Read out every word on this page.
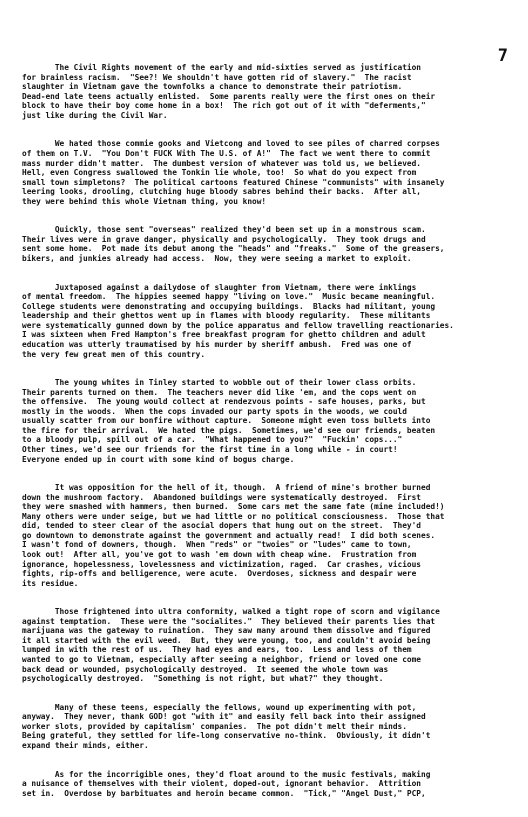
7

The Civil Rights movement of the early and mid-sixties served as justification
for brainless racism.  "See?! We shouldn't have gotten rid of slavery."  The racist
slaughter in Vietnam gave the townfolks a chance to demonstrate their patriotism.
Dead-end late teens actually enlisted.  Some parents really were the first ones on their
block to have their boy come home in a box!  The rich got out of it with "deferments,"
just like during the Civil War.

We hated those commie gooks and Vietcong and loved to see piles of charred corpses
of them on T.V.  "You Don't FUCK With The U.S. of A!"  The fact we went there to commit
mass murder didn't matter.  The dumbest version of whatever was told us, we believed.
Hell, even Congress swallowed the Tonkin lie whole, too!  So what do you expect from
small town simpletons?  The political cartoons featured Chinese "communists" with insanely
leering looks, drooling, clutching huge bloody sabres behind their backs.  After all,
they were behind this whole Vietnam thing, you know!

Quickly, those sent "overseas" realized they'd been set up in a monstrous scam.
Their lives were in grave danger, physically and psychologically.  They took drugs and
sent some home.  Pot made its debut among the "heads" and "freaks."  Some of the greasers,
bikers, and junkies already had access.  Now, they were seeing a market to exploit.

Juxtaposed against a dailydose of slaughter from Vietnam, there were inklings
of mental freedom.  The hippies seemed happy "living on love."  Music became meaningful.
College students were demonstrating and occupying buildings.  Blacks had militant, young
leadership and their ghettos went up in flames with bloody regularity.  These militants
were systematically gunned down by the police apparatus and fellow travelling reactionaries.
I was sixteen when Fred Hampton's free breakfast program for ghetto children and adult
education was utterly traumatised by his murder by sheriff ambush.  Fred was one of
the very few great men of this country.

The young whites in Tinley started to wobble out of their lower class orbits.
Their parents turned on them.  The teachers never did like 'em, and the cops went on
the offensive.  The young would collect at rendezvous points - safe houses, parks, but
mostly in the woods.  When the cops invaded our party spots in the woods, we could
usually scatter from our bonfire without capture.  Someone might even toss bullets into
the fire for their arrival.  We hated the pigs.  Sometimes, we'd see our friends, beaten
to a bloody pulp, spill out of a car.  "What happened to you?"  "Fuckin' cops..."
Other times, we'd see our friends for the first time in a long while - in court!
Everyone ended up in court with some kind of bogus charge.

It was opposition for the hell of it, though.  A friend of mine's brother burned
down the mushroom factory.  Abandoned buildings were systematically destroyed.  First
they were smashed with hammers, then burned.  Some cars met the same fate (mine included!)
Many others were under seige, but we had little or no political consciousness.  Those that
did, tended to steer clear of the asocial dopers that hung out on the street.  They'd
go downtown to demonstrate against the government and actually read!  I did both scenes.
I wasn't fond of downers, though.  When "reds" or "twoies" or "ludes" came to town,
look out!  After all, you've got to wash 'em down with cheap wine.  Frustration from
ignorance, hopelessness, lovelessness and victimization, raged.  Car crashes, vicious
fights, rip-offs and belligerence, were acute.  Overdoses, sickness and despair were
its residue.

Those frightened into ultra conformity, walked a tight rope of scorn and vigilance
against temptation.  These were the "socialites."  They believed their parents lies that
marijuana was the gateway to ruination.  They saw many around them dissolve and figured
it all started with the evil weed.  But, they were young, too, and couldn't avoid being
lumped in with the rest of us.  They had eyes and ears, too.  Less and less of them
wanted to go to Vietnam, especially after seeing a neighbor, friend or loved one come
back dead or wounded, psychologically destroyed.  It seemed the whole town was
psychologically destroyed.  "Something is not right, but what?" they thought.

Many of these teens, especially the fellows, wound up experimenting with pot,
anyway.  They never, thank GOD! got "with it" and easily fell back into their assigned
worker slots, provided by capitalism' companies.  The pot didn't melt their minds.
Being grateful, they settled for life-long conservative no-think.  Obviously, it didn't
expand their minds, either.

As for the incorrigible ones, they'd float around to the music festivals, making
a nuisance of themselves with their violent, doped-out, ignorant behavior.  Attrition
set in.  Overdose by barbituates and heroin became common.  "Tick," "Angel Dust," PCP,
